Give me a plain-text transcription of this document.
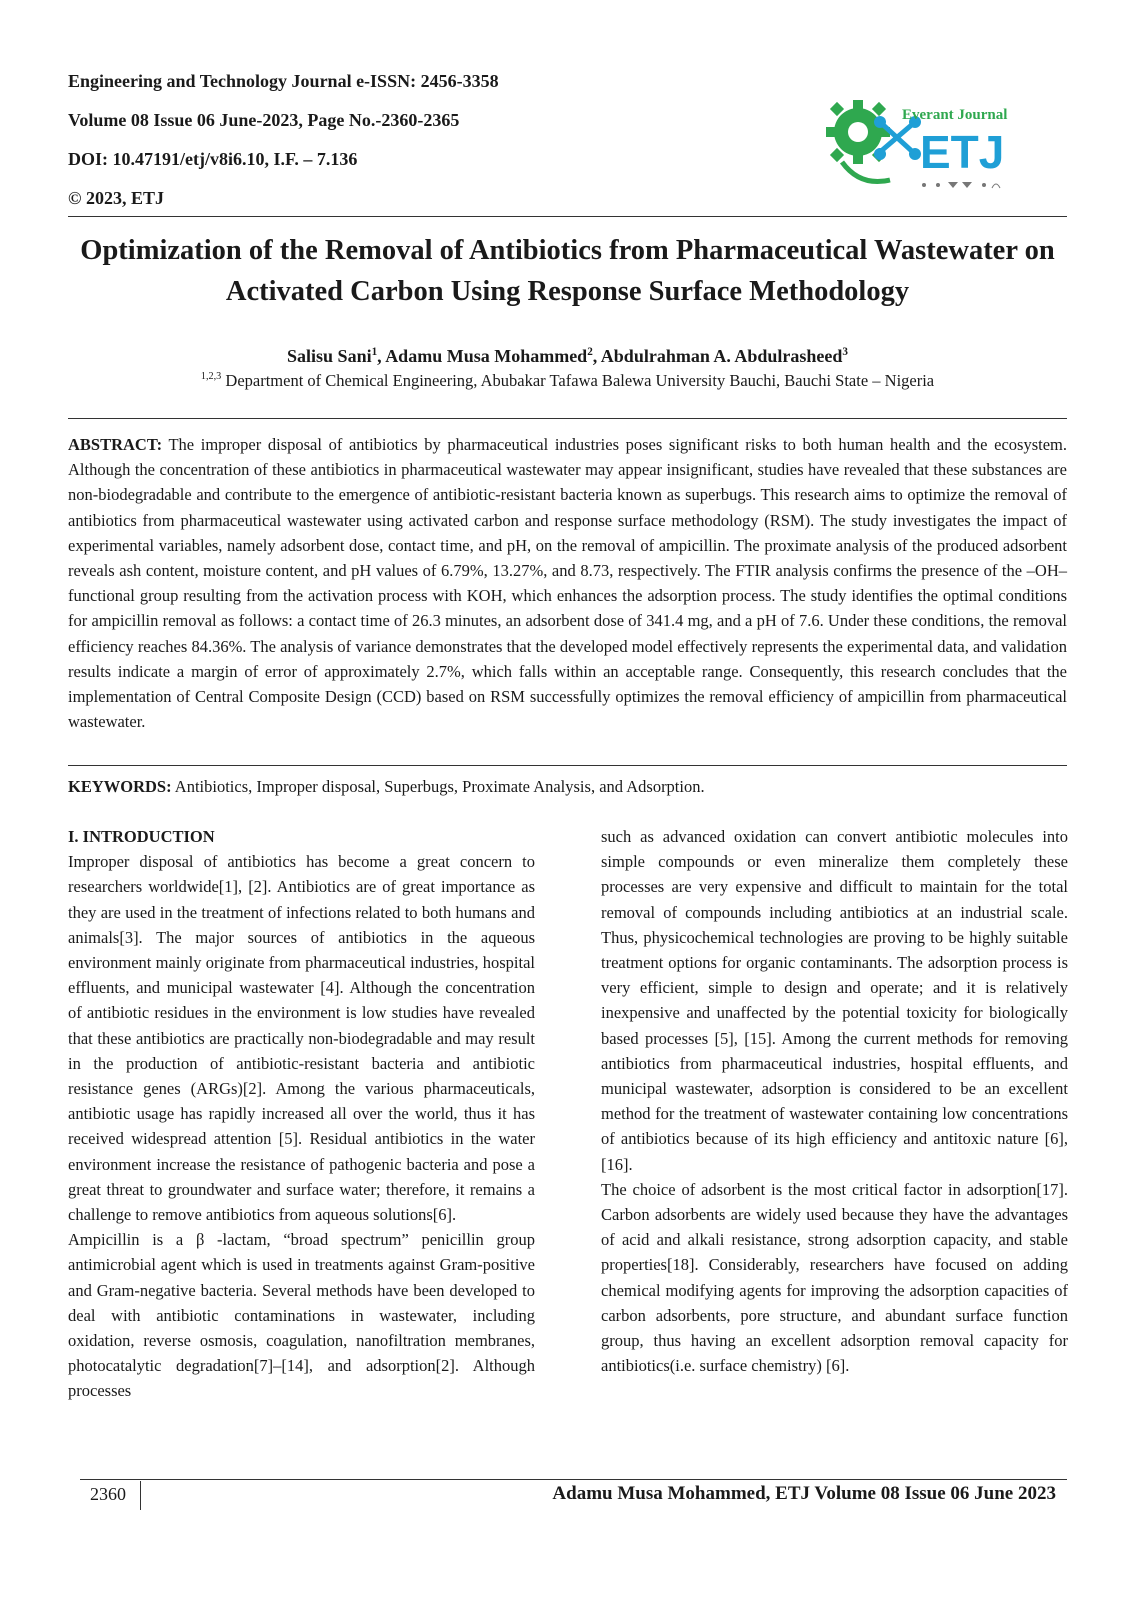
Engineering and Technology Journal e-ISSN: 2456-3358
Volume 08 Issue 06 June-2023, Page No.-2360-2365
DOI: 10.47191/etj/v8i6.10, I.F. – 7.136
© 2023, ETJ
Everant Journal
ETJ
Optimization of the Removal of Antibiotics from Pharmaceutical Wastewater on Activated Carbon Using Response Surface Methodology
Salisu Sani$^1$, Adamu Musa Mohammed$^2$, Abdulrahman A. Abdulrasheed$^3$
$^{1,2,3}$ Department of Chemical Engineering, Abubakar Tafawa Balewa University Bauchi, Bauchi State – Nigeria
ABSTRACT: The improper disposal of antibiotics by pharmaceutical industries poses significant risks to both human health and the ecosystem. Although the concentration of these antibiotics in pharmaceutical wastewater may appear insignificant, studies have revealed that these substances are non-biodegradable and contribute to the emergence of antibiotic-resistant bacteria known as superbugs. This research aims to optimize the removal of antibiotics from pharmaceutical wastewater using activated carbon and response surface methodology (RSM). The study investigates the impact of experimental variables, namely adsorbent dose, contact time, and pH, on the removal of ampicillin. The proximate analysis of the produced adsorbent reveals ash content, moisture content, and pH values of 6.79%, 13.27%, and 8.73, respectively. The FTIR analysis confirms the presence of the –OH– functional group resulting from the activation process with KOH, which enhances the adsorption process. The study identifies the optimal conditions for ampicillin removal as follows: a contact time of 26.3 minutes, an adsorbent dose of 341.4 mg, and a pH of 7.6. Under these conditions, the removal efficiency reaches 84.36%. The analysis of variance demonstrates that the developed model effectively represents the experimental data, and validation results indicate a margin of error of approximately 2.7%, which falls within an acceptable range. Consequently, this research concludes that the implementation of Central Composite Design (CCD) based on RSM successfully optimizes the removal efficiency of ampicillin from pharmaceutical wastewater.
KEYWORDS: Antibiotics, Improper disposal, Superbugs, Proximate Analysis, and Adsorption.

I. INTRODUCTION

Improper disposal of antibiotics has become a great concern to researchers worldwide[1], [2]. Antibiotics are of great importance as they are used in the treatment of infections related to both humans and animals[3]. The major sources of antibiotics in the aqueous environment mainly originate from pharmaceutical industries, hospital effluents, and municipal wastewater [4]. Although the concentration of antibiotic residues in the environment is low studies have revealed that these antibiotics are practically non-biodegradable and may result in the production of antibiotic-resistant bacteria and antibiotic resistance genes (ARGs)[2]. Among the various pharmaceuticals, antibiotic usage has rapidly increased all over the world, thus it has received widespread attention [5]. Residual antibiotics in the water environment increase the resistance of pathogenic bacteria and pose a great threat to groundwater and surface water; therefore, it remains a challenge to remove antibiotics from aqueous solutions[6].

Ampicillin is a β -lactam, “broad spectrum” penicillin group antimicrobial agent which is used in treatments against Gram-positive and Gram-negative bacteria. Several methods have been developed to deal with antibiotic contaminations in wastewater, including oxidation, reverse osmosis, coagulation, nanofiltration membranes, photocatalytic degradation[7]–[14], and adsorption[2]. Although processes

such as advanced oxidation can convert antibiotic molecules into simple compounds or even mineralize them completely these processes are very expensive and difficult to maintain for the total removal of compounds including antibiotics at an industrial scale. Thus, physicochemical technologies are proving to be highly suitable treatment options for organic contaminants. The adsorption process is very efficient, simple to design and operate; and it is relatively inexpensive and unaffected by the potential toxicity for biologically based processes [5], [15]. Among the current methods for removing antibiotics from pharmaceutical industries, hospital effluents, and municipal wastewater, adsorption is considered to be an excellent method for the treatment of wastewater containing low concentrations of antibiotics because of its high efficiency and antitoxic nature [6], [16].

The choice of adsorbent is the most critical factor in adsorption[17]. Carbon adsorbents are widely used because they have the advantages of acid and alkali resistance, strong adsorption capacity, and stable properties[18]. Considerably, researchers have focused on adding chemical modifying agents for improving the adsorption capacities of carbon adsorbents, pore structure, and abundant surface function group, thus having an excellent adsorption removal capacity for antibiotics(i.e. surface chemistry) [6].

2360	Adamu Musa Mohammed, ETJ Volume 08 Issue 06 June 2023
